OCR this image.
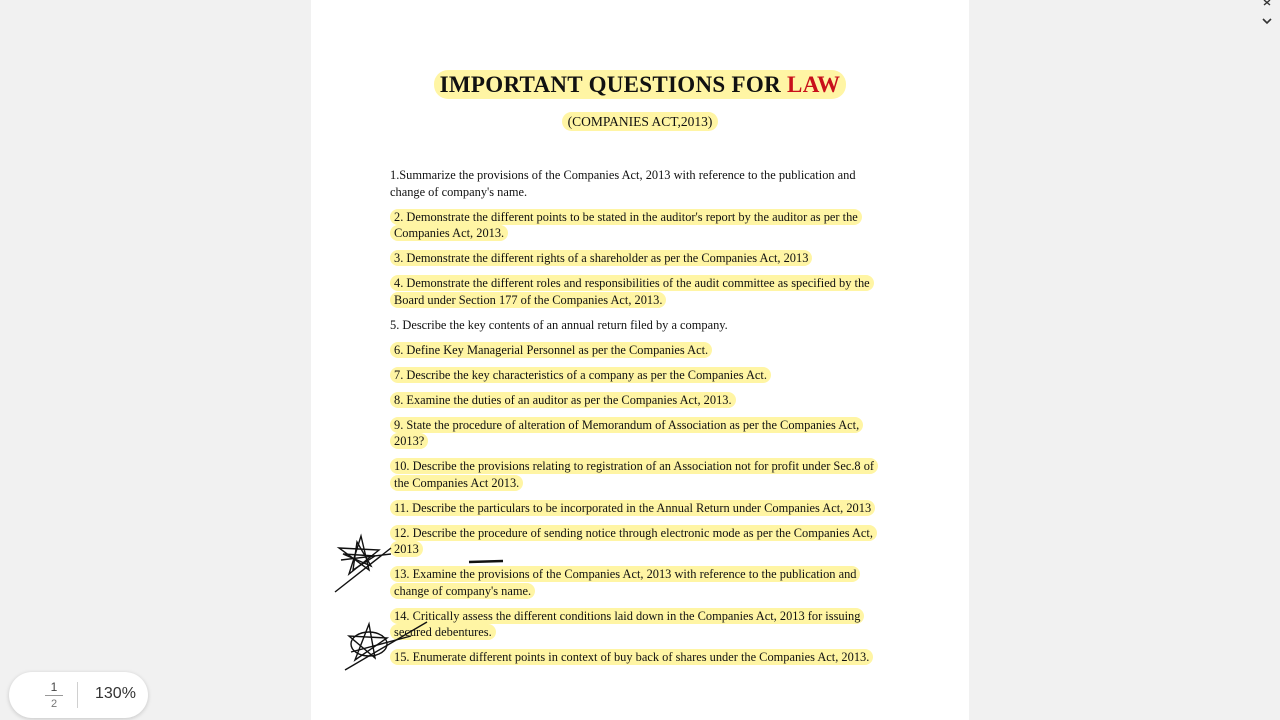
IMPORTANT QUESTIONS FOR LAW
(COMPANIES ACT,2013)

1.Summarize the provisions of the Companies Act, 2013 with reference to the publication and change of company's name.

2. Demonstrate the different points to be stated in the auditor's report by the auditor as per the Companies Act, 2013.

3. Demonstrate the different rights of a shareholder as per the Companies Act, 2013

4. Demonstrate the different roles and responsibilities of the audit committee as specified by the Board under Section 177 of the Companies Act, 2013.

5. Describe the key contents of an annual return filed by a company.

6. Define Key Managerial Personnel as per the Companies Act.

7. Describe the key characteristics of a company as per the Companies Act.

8. Examine the duties of an auditor as per the Companies Act, 2013.

9. State the procedure of alteration of Memorandum of Association as per the Companies Act, 2013?

10. Describe the provisions relating to registration of an Association not for profit under Sec.8 of the Companies Act 2013.

11. Describe the particulars to be incorporated in the Annual Return under Companies Act, 2013

12. Describe the procedure of sending notice through electronic mode as per the Companies Act, 2013

13. Examine the provisions of the Companies Act, 2013 with reference to the publication and change of company's name.

14. Critically assess the different conditions laid down in the Companies Act, 2013 for issuing secured debentures.

15. Enumerate different points in context of buy back of shares under the Companies Act, 2013.

1
2
130%
